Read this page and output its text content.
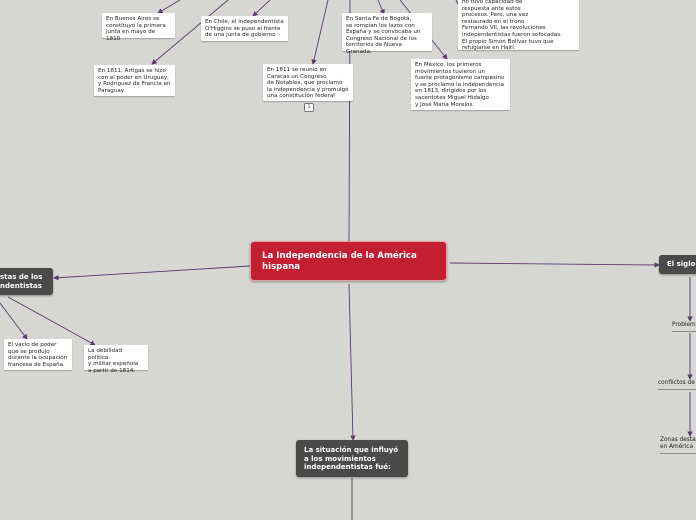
La Independencia de la América hispana
stas de los
ndentistas
El siglo
La situación que influyó
a los movimientos
independentistas fué:
En Buenos Aires se
constituyó la primera
junta en mayo de 1810
En Chile, el independentista
O'Higgins se puso al frente
de una junta de gobierno
En Santa Fe de Bogotá,
se rompían los lazos con
España y se convocaba un
Congreso Nacional de los
territorios de Nueva Granada.
no tuvo capacidad de
respuesta ante estos
procesos. Pero, una vez
restaurado en el trono
Fernando VII, las revoluciones
independentistas fueron sofocadas.
El propio Simón Bolívar tuvo que
refugiarse en Haití.
En 1811, Artigas se hizo
con el poder en Uruguay,
y Rodríguez de Francia en
Paraguay
En 1811 se reunió en
Caracas un Congreso
de Notables, que proclamó
la independencia y promulgó
una constitución federal
1
En México, los primeros
movimientos tuvieron un
fuerte protagonismo campesino
y se proclamó la independencia
en 1813, dirigidos por los
sacerdotes Miguel Hidalgo
y José María Morelos.
El vacío de poder
que se produjo
durante la ocupación
francesa de España.
La debilidad política
y militar española
a partir de 1814.
Problem
conflictos de
Zonas desta
en América
